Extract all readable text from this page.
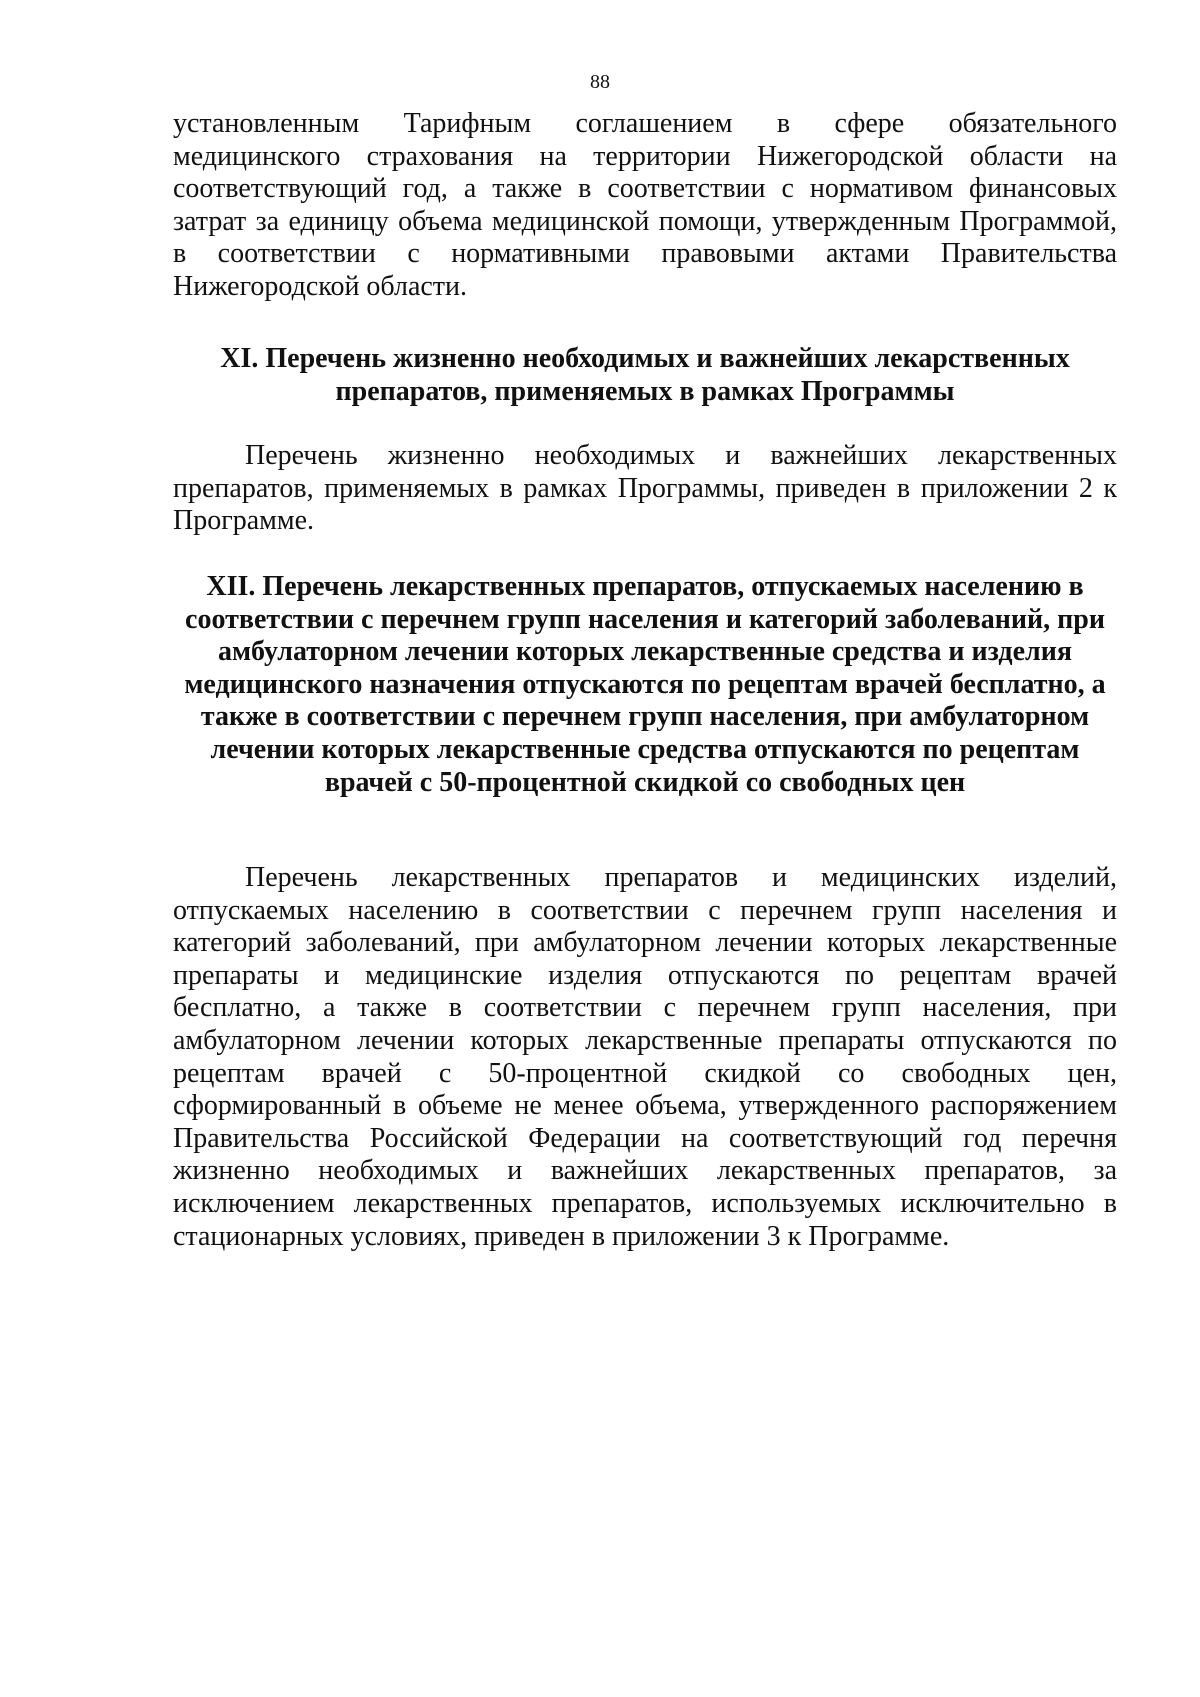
88
установленным Тарифным соглашением в сфере обязательного
медицинского страхования на территории Нижегородской области на
соответствующий год, а также в соответствии с нормативом финансовых
затрат за единицу объема медицинской помощи, утвержденным Программой,
в соответствии с нормативными правовыми актами Правительства
Нижегородской области.
XI. Перечень жизненно необходимых и важнейших лекарственных
препаратов, применяемых в рамках Программы
Перечень жизненно необходимых и важнейших лекарственных
препаратов, применяемых в рамках Программы, приведен в приложении 2 к
Программе.
XII. Перечень лекарственных препаратов, отпускаемых населению в
соответствии с перечнем групп населения и категорий заболеваний, при
амбулаторном лечении которых лекарственные средства и изделия
медицинского назначения отпускаются по рецептам врачей бесплатно, а
также в соответствии с перечнем групп населения, при амбулаторном
лечении которых лекарственные средства отпускаются по рецептам
врачей с 50-процентной скидкой со свободных цен
Перечень лекарственных препаратов и медицинских изделий,
отпускаемых населению в соответствии с перечнем групп населения и
категорий заболеваний, при амбулаторном лечении которых лекарственные
препараты и медицинские изделия отпускаются по рецептам врачей
бесплатно, а также в соответствии с перечнем групп населения, при
амбулаторном лечении которых лекарственные препараты отпускаются по
рецептам врачей с 50-процентной скидкой со свободных цен,
сформированный в объеме не менее объема, утвержденного распоряжением
Правительства Российской Федерации на соответствующий год перечня
жизненно необходимых и важнейших лекарственных препаратов, за
исключением лекарственных препаратов, используемых исключительно в
стационарных условиях, приведен в приложении 3 к Программе.
